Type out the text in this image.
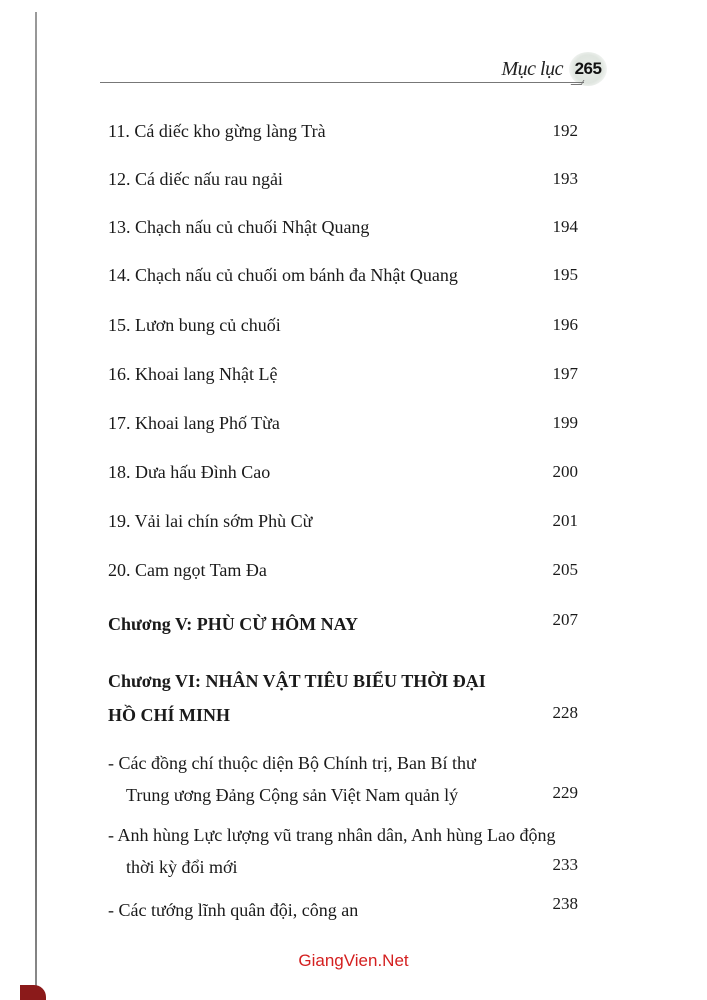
Mục lục 265
11. Cá diếc kho gừng làng Trà	192
12. Cá diếc nấu rau ngải	193
13. Chạch nấu củ chuối Nhật Quang	194
14. Chạch nấu củ chuối om bánh đa Nhật Quang	195
15. Lươn bung củ chuối	196
16. Khoai lang Nhật Lệ	197
17. Khoai lang Phố Từa	199
18. Dưa hấu Đình Cao	200
19. Vải lai chín sớm Phù Cừ	201
20. Cam ngọt Tam Đa	205
Chương V: PHÙ CỪ HÔM NAY	207
Chương VI: NHÂN VẬT TIÊU BIỂU THỜI ĐẠI
HỒ CHÍ MINH	228
- Các đồng chí thuộc diện Bộ Chính trị, Ban Bí thư
Trung ương Đảng Cộng sản Việt Nam quản lý	229
- Anh hùng Lực lượng vũ trang nhân dân, Anh hùng Lao động
thời kỳ đổi mới	233
- Các tướng lĩnh quân đội, công an	238
GiangVien.Net
